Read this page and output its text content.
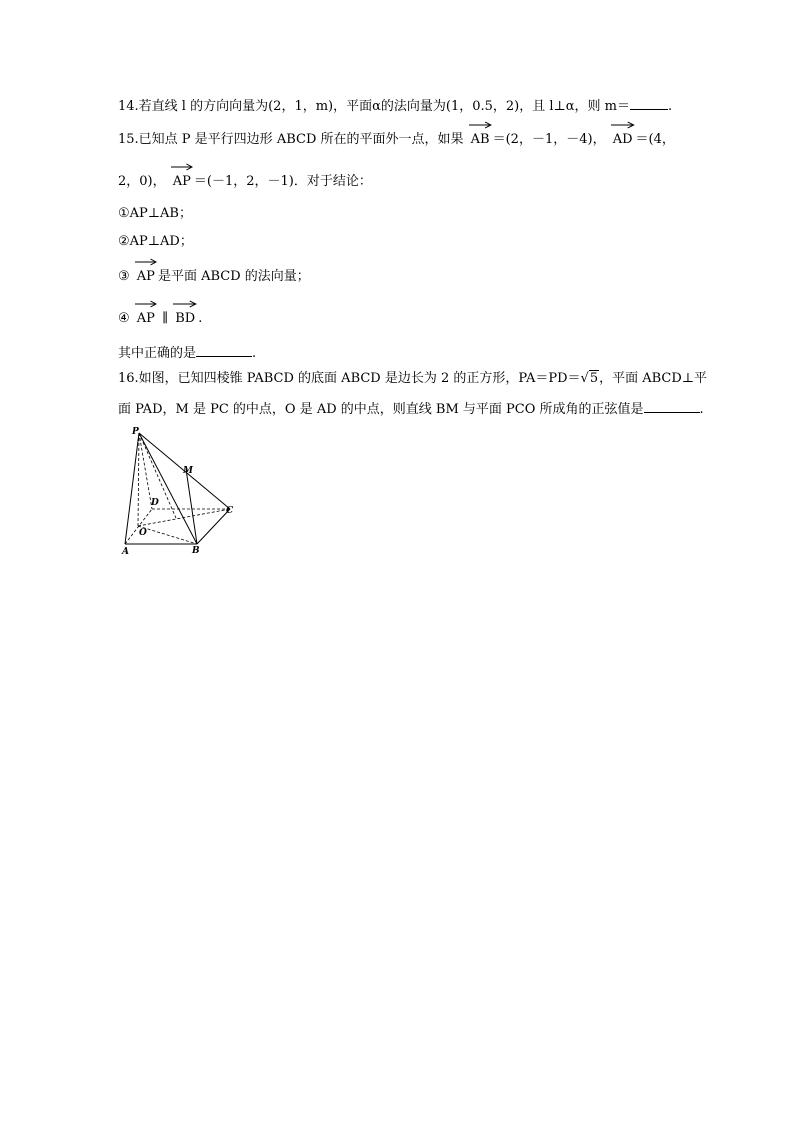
14.若直线 l 的方向向量为(2，1，m)，平面α的法向量为(1，0.5，2)，且 l⊥α，则 m＝	.
15.已知点 P 是平行四边形 ABCD 所在的平面外一点，如果 AB ＝(2，－1，－4)， AD ＝(4，
2，0)， AP ＝(－1，2，－1)．对于结论：
①AP⊥AB；
②AP⊥AD；
③ AP 是平面 ABCD 的法向量；
④ AP ∥ BD .
其中正确的是	.
16.如图，已知四棱锥 PABCD 的底面 ABCD 是边长为 2 的正方形，PA＝PD＝√5，平面 ABCD⊥平
面 PAD，M 是 PC 的中点，O 是 AD 的中点，则直线 BM 与平面 PCO 所成角的正弦值是	.
P
M
D
C
O
A	B
